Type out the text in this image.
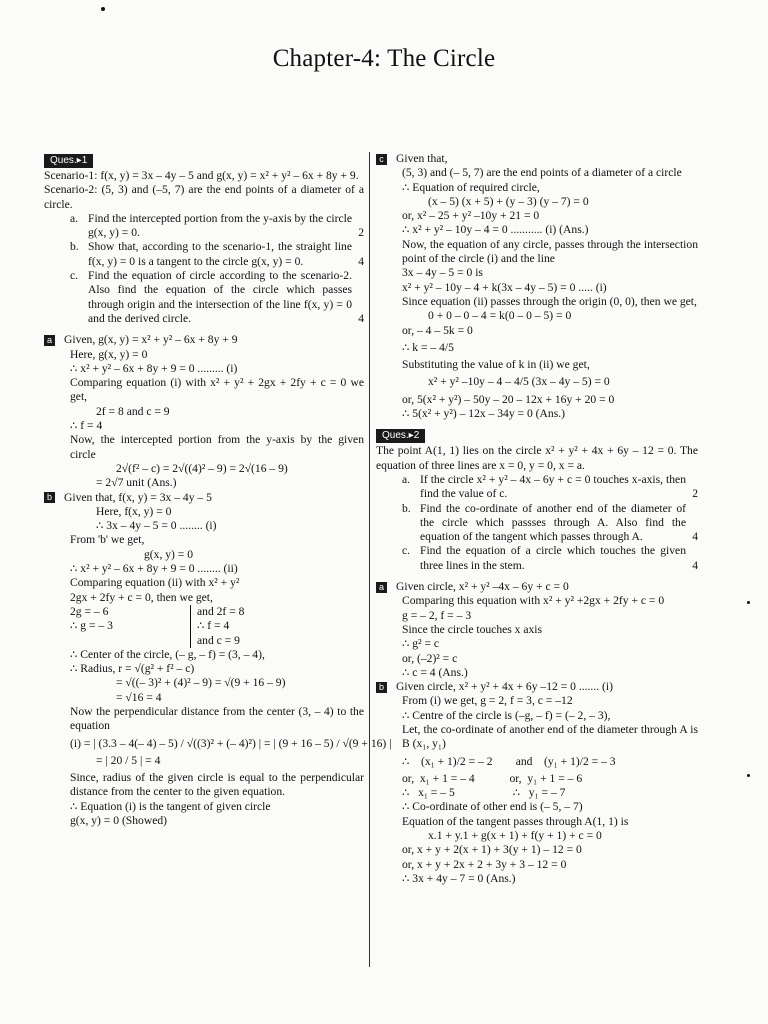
Chapter-4: The Circle
Ques.▸1
Scenario-1: f(x, y) = 3x – 4y – 5 and g(x, y) = x² + y² – 6x + 8y + 9.
Scenario-2: (5, 3) and (–5, 7) are the end points of a diameter of a circle.
a. Find the intercepted portion from the y-axis by the circle g(x, y) = 0.	2
b. Show that, according to the scenario-1, the straight line f(x, y) = 0 is a tangent to the circle g(x, y) = 0.	4
c. Find the equation of circle according to the scenario-2. Also find the equation of the circle which passes through origin and the intersection of the line f(x, y) = 0 and the derived circle.	4
a Given, g(x, y) = x² + y² – 6x + 8y + 9
Here, g(x, y) = 0
∴ x² + y² – 6x + 8y + 9 = 0 ......... (i)
Comparing equation (i) with x² + y² + 2gx + 2fy + c = 0 we get,
2f = 8 and c = 9
∴ f = 4
Now, the intercepted portion from the y-axis by the given circle
2√(f² – c) = 2√((4)² – 9) = 2√(16 – 9)
= 2√7 unit (Ans.)
b Given that, f(x, y) = 3x – 4y – 5
Here, f(x, y) = 0
∴ 3x – 4y – 5 = 0 ........ (i)
From 'b' we get,
g(x, y) = 0
∴ x² + y² – 6x + 8y + 9 = 0 ........ (ii)
Comparing equation (ii) with x² + y²
2gx + 2fy + c = 0, then we get,
2g = – 6
∴ g = – 3
and 2f = 8
∴ f = 4
and c = 9
∴ Center of the circle, (– g, – f) = (3, – 4),
∴ Radius, r = √(g² + f² – c)
= √((– 3)² + (4)² – 9) = √(9 + 16 – 9)
= √16 = 4
Now the perpendicular distance from the center (3, – 4) to the equation
(i) = | (3.3 – 4(– 4) – 5) / √((3)² + (– 4)²) | = | (9 + 16 – 5) / √(9 + 16) |
= | 20 / 5 | = 4
Since, radius of the given circle is equal to the perpendicular distance from the center to the given equation.
∴ Equation (i) is the tangent of given circle
g(x, y) = 0 (Showed)
c Given that,
(5, 3) and (– 5, 7) are the end points of a diameter of a circle
∴ Equation of required circle,
(x – 5) (x + 5) + (y – 3) (y – 7) = 0
or, x² – 25 + y² –10y + 21 = 0
∴ x² + y² – 10y – 4 = 0 ........... (i) (Ans.)
Now, the equation of any circle, passes through the intersection point of the circle (i) and the line
3x – 4y – 5 = 0 is
x² + y² – 10y – 4 + k(3x – 4y – 5) = 0 ..... (i)
Since equation (ii) passes through the origin (0, 0), then we get,
0 + 0 – 0 – 4 = k(0 – 0 – 5) = 0
or, – 4 – 5k = 0
∴ k = – 4/5
Substituting the value of k in (ii) we get,
x² + y² –10y – 4 – 4/5 (3x – 4y – 5) = 0
or, 5(x² + y²) – 50y – 20 – 12x + 16y + 20 = 0
∴ 5(x² + y²) – 12x – 34y = 0 (Ans.)
Ques.▸2
The point A(1, 1) lies on the circle x² + y² + 4x + 6y – 12 = 0. The equation of three lines are x = 0, y = 0, x = a.
a. If the circle x² + y² – 4x – 6y + c = 0 touches x-axis, then find the value of c.	2
b. Find the co-ordinate of another end of the diameter of the circle which passses through A. Also find the equation of the tangent which passes through A.	4
c. Find the equation of a circle which touches the given three lines in the stem.	4
a Given circle, x² + y² –4x – 6y + c = 0
Comparing this equation with x² + y² +2gx + 2fy + c = 0
g = – 2, f = – 3
Since the circle touches x axis
∴ g² = c
or, (–2)² = c
∴ c = 4 (Ans.)
b Given circle, x² + y² + 4x + 6y –12 = 0 ....... (i)
From (i) we get, g = 2, f = 3, c = –12
∴ Centre of the circle is (–g, – f) = (– 2, – 3),
Let, the co-ordinate of another end of the diameter through A is B (x₁, y₁)
∴    (x₁ + 1)/2 = – 2        and    (y₁ + 1)/2 = – 3
or,  x₁ + 1 = – 4            or,  y₁ + 1 = – 6
∴   x₁ = – 5                    ∴   y₁ = – 7
∴ Co-ordinate of other end is (– 5, – 7)
Equation of the tangent passes through A(1, 1) is
x.1 + y.1 + g(x + 1) + f(y + 1) + c = 0
or, x + y + 2(x + 1) + 3(y + 1) – 12 = 0
or, x + y + 2x + 2 + 3y + 3 – 12 = 0
∴ 3x + 4y – 7 = 0 (Ans.)
